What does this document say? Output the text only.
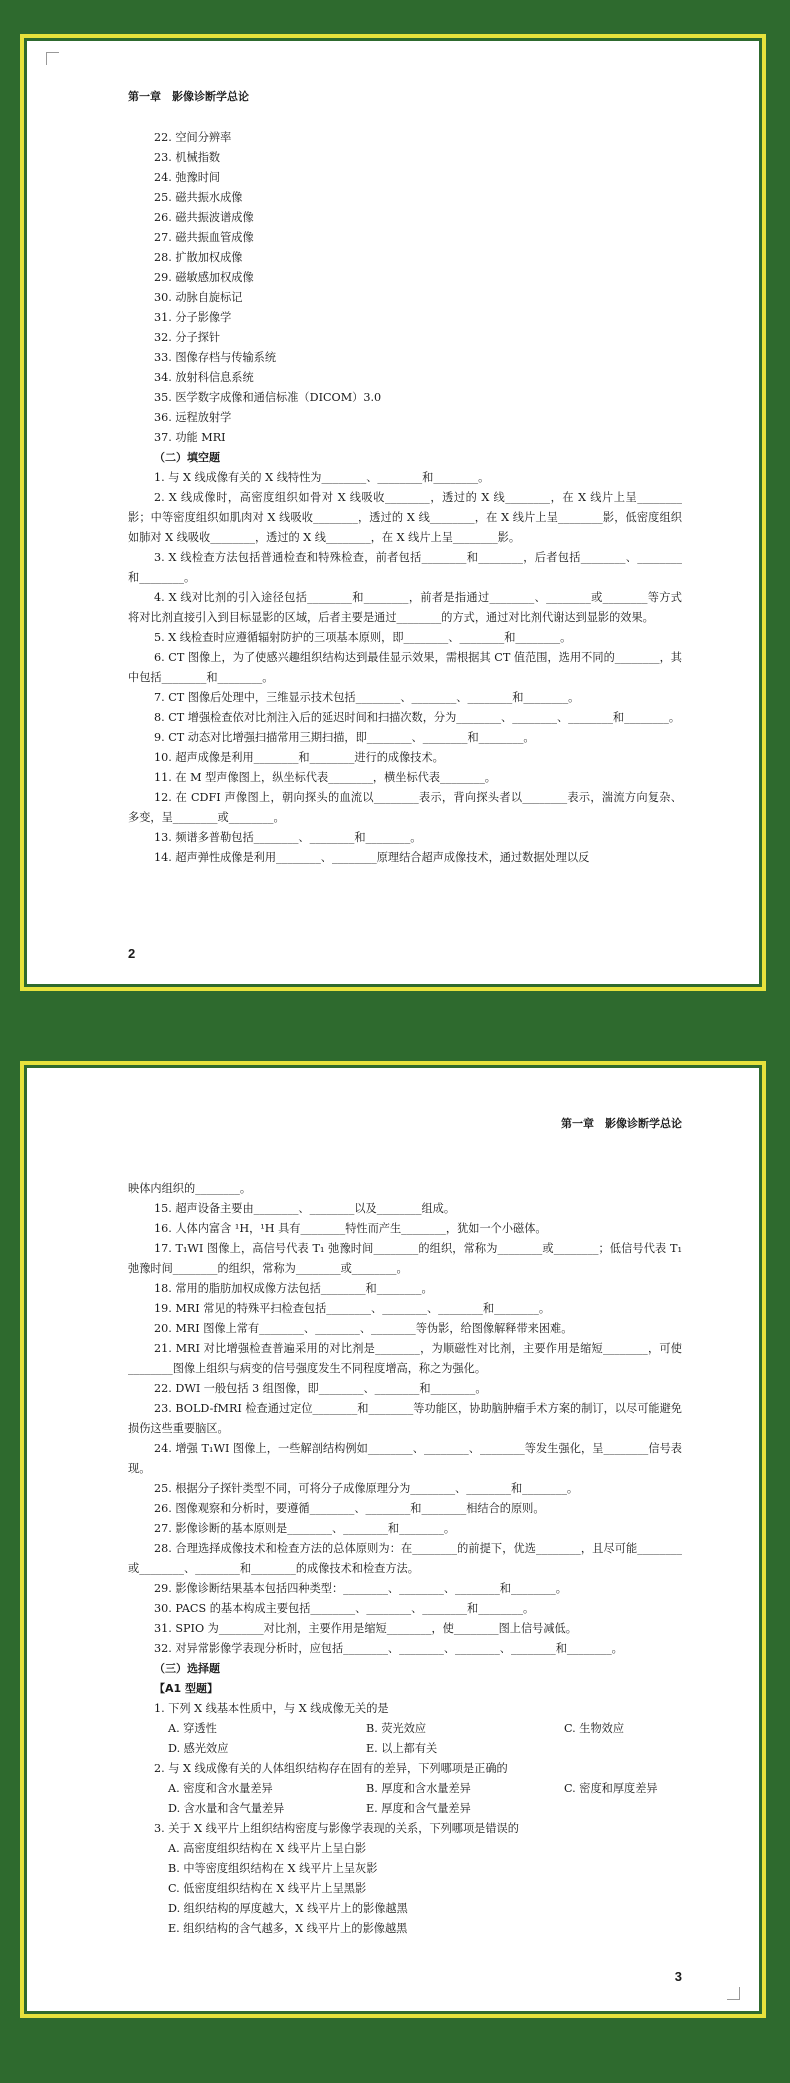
第一章　影像诊断学总论
22. 空间分辨率
23. 机械指数
24. 弛豫时间
25. 磁共振水成像
26. 磁共振波谱成像
27. 磁共振血管成像
28. 扩散加权成像
29. 磁敏感加权成像
30. 动脉自旋标记
31. 分子影像学
32. 分子探针
33. 图像存档与传输系统
34. 放射科信息系统
35. 医学数字成像和通信标准（DICOM）3.0
36. 远程放射学
37. 功能 MRI
（二）填空题
1. 与 X 线成像有关的 X 线特性为________、________和________。
2. X 线成像时，高密度组织如骨对 X 线吸收________，透过的 X 线________，在 X 线片上呈________影；中等密度组织如肌肉对 X 线吸收________，透过的 X 线________，在 X 线片上呈________影，低密度组织如肺对 X 线吸收________，透过的 X 线________，在 X 线片上呈________影。
3. X 线检查方法包括普通检查和特殊检查，前者包括________和________，后者包括________、________和________。
4. X 线对比剂的引入途径包括________和________，前者是指通过________、________或________等方式将对比剂直接引入到目标显影的区域，后者主要是通过________的方式，通过对比剂代谢达到显影的效果。
5. X 线检查时应遵循辐射防护的三项基本原则，即________、________和________。
6. CT 图像上，为了使感兴趣组织结构达到最佳显示效果，需根据其 CT 值范围，选用不同的________，其中包括________和________。
7. CT 图像后处理中，三维显示技术包括________、________、________和________。
8. CT 增强检查依对比剂注入后的延迟时间和扫描次数，分为________、________、________和________。
9. CT 动态对比增强扫描常用三期扫描，即________、________和________。
10. 超声成像是利用________和________进行的成像技术。
11. 在 M 型声像图上，纵坐标代表________，横坐标代表________。
12. 在 CDFI 声像图上，朝向探头的血流以________表示，背向探头者以________表示，湍流方向复杂、多变，呈________或________。
13. 频谱多普勒包括________、________和________。
14. 超声弹性成像是利用________、________原理结合超声成像技术，通过数据处理以反
2
第一章　影像诊断学总论
映体内组织的________。
15. 超声设备主要由________、________以及________组成。
16. 人体内富含 ¹H，¹H 具有________特性而产生________，犹如一个小磁体。
17. T₁WI 图像上，高信号代表 T₁ 弛豫时间________的组织，常称为________或________；低信号代表 T₁ 弛豫时间________的组织，常称为________或________。
18. 常用的脂肪加权成像方法包括________和________。
19. MRI 常见的特殊平扫检查包括________、________、________和________。
20. MRI 图像上常有________、________、________等伪影，给图像解释带来困难。
21. MRI 对比增强检查普遍采用的对比剂是________，为顺磁性对比剂，主要作用是缩短________，可使________图像上组织与病变的信号强度发生不同程度增高，称之为强化。
22. DWI 一般包括 3 组图像，即________、________和________。
23. BOLD-fMRI 检查通过定位________和________等功能区，协助脑肿瘤手术方案的制订，以尽可能避免损伤这些重要脑区。
24. 增强 T₁WI 图像上，一些解剖结构例如________、________、________等发生强化，呈________信号表现。
25. 根据分子探针类型不同，可将分子成像原理分为________、________和________。
26. 图像观察和分析时，要遵循________、________和________相结合的原则。
27. 影像诊断的基本原则是________、________和________。
28. 合理选择成像技术和检查方法的总体原则为：在________的前提下，优选________，且尽可能________或________、________和________的成像技术和检查方法。
29. 影像诊断结果基本包括四种类型：________、________、________和________。
30. PACS 的基本构成主要包括________、________、________和________。
31. SPIO 为________对比剂，主要作用是缩短________，使________图上信号减低。
32. 对异常影像学表现分析时，应包括________、________、________、________和________。
（三）选择题
【A1 型题】
1. 下列 X 线基本性质中，与 X 线成像无关的是
A. 穿透性	B. 荧光效应	C. 生物效应
D. 感光效应	E. 以上都有关
2. 与 X 线成像有关的人体组织结构存在固有的差异，下列哪项是正确的
A. 密度和含水量差异	B. 厚度和含水量差异	C. 密度和厚度差异
D. 含水量和含气量差异	E. 厚度和含气量差异
3. 关于 X 线平片上组织结构密度与影像学表现的关系，下列哪项是错误的
A. 高密度组织结构在 X 线平片上呈白影
B. 中等密度组织结构在 X 线平片上呈灰影
C. 低密度组织结构在 X 线平片上呈黑影
D. 组织结构的厚度越大，X 线平片上的影像越黑
E. 组织结构的含气越多，X 线平片上的影像越黑
3
